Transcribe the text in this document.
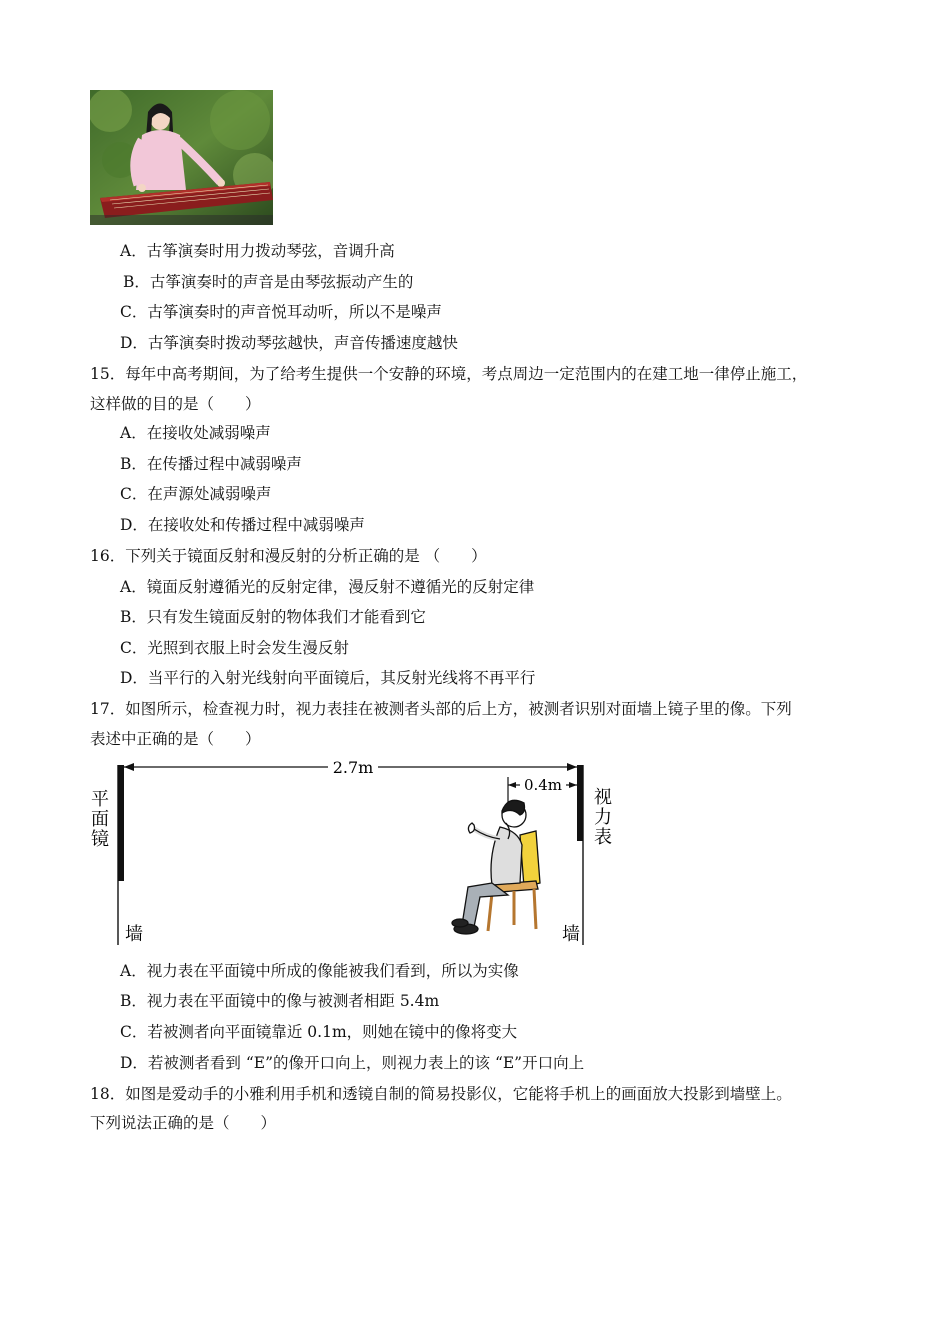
A．古筝演奏时用力拨动琴弦，音调升高
B．古筝演奏时的声音是由琴弦振动产生的
C．古筝演奏时的声音悦耳动听，所以不是噪声
D．古筝演奏时拨动琴弦越快，声音传播速度越快
15．每年中高考期间，为了给考生提供一个安静的环境，考点周边一定范围内的在建工地一律停止施工，
这样做的目的是（　　）
A．在接收处减弱噪声
B．在传播过程中减弱噪声
C．在声源处减弱噪声
D．在接收处和传播过程中减弱噪声
16．下列关于镜面反射和漫反射的分析正确的是 （　　）
A．镜面反射遵循光的反射定律，漫反射不遵循光的反射定律
B．只有发生镜面反射的物体我们才能看到它
C．光照到衣服上时会发生漫反射
D．当平行的入射光线射向平面镜后，其反射光线将不再平行
17．如图所示，检查视力时，视力表挂在被测者头部的后上方，被测者识别对面墙上镜子里的像。下列
表述中正确的是（　　）
2.7m
0.4m
平
面
镜
视
力
表
墙	墙
A．视力表在平面镜中所成的像能被我们看到，所以为实像
B．视力表在平面镜中的像与被测者相距 5.4m
C．若被测者向平面镜靠近 0.1m，则她在镜中的像将变大
D．若被测者看到 “E”的像开口向上，则视力表上的该 “E”开口向上
18．如图是爱动手的小雅利用手机和透镜自制的简易投影仪，它能将手机上的画面放大投影到墙壁上。
下列说法正确的是（　　）
